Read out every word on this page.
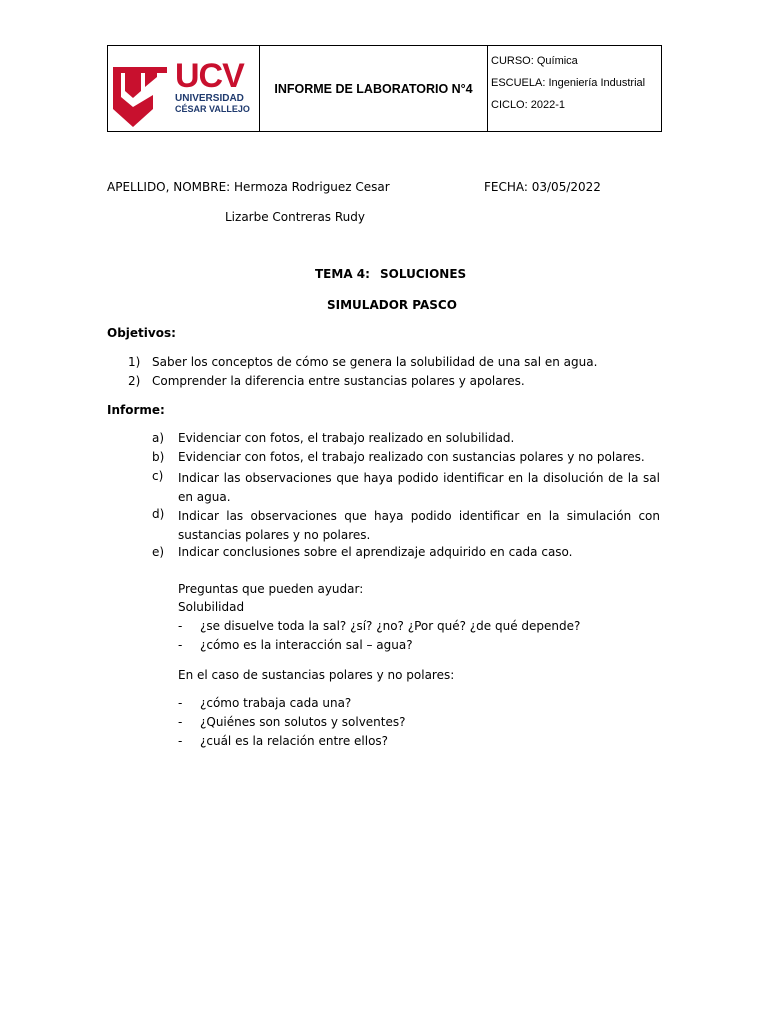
UCV
UNIVERSIDAD
CÉSAR VALLEJO
INFORME DE LABORATORIO N°4
CURSO: Química
ESCUELA: Ingeniería Industrial
CICLO: 2022-1
APELLIDO, NOMBRE: Hermoza Rodriguez Cesar	FECHA: 03/05/2022
Lizarbe Contreras Rudy
TEMA 4: SOLUCIONES
SIMULADOR PASCO
Objetivos:
1) Saber los conceptos de cómo se genera la solubilidad de una sal en agua.
2) Comprender la diferencia entre sustancias polares y apolares.
Informe:
a) Evidenciar con fotos, el trabajo realizado en solubilidad.
b) Evidenciar con fotos, el trabajo realizado con sustancias polares y no polares.
c) Indicar las observaciones que haya podido identificar en la disolución de la sal en agua.
d) Indicar las observaciones que haya podido identificar en la simulación con sustancias polares y no polares.
e) Indicar conclusiones sobre el aprendizaje adquirido en cada caso.
Preguntas que pueden ayudar:
Solubilidad
- ¿se disuelve toda la sal? ¿sí? ¿no? ¿Por qué? ¿de qué depende?
- ¿cómo es la interacción sal – agua?
En el caso de sustancias polares y no polares:
- ¿cómo trabaja cada una?
- ¿Quiénes son solutos y solventes?
- ¿cuál es la relación entre ellos?
